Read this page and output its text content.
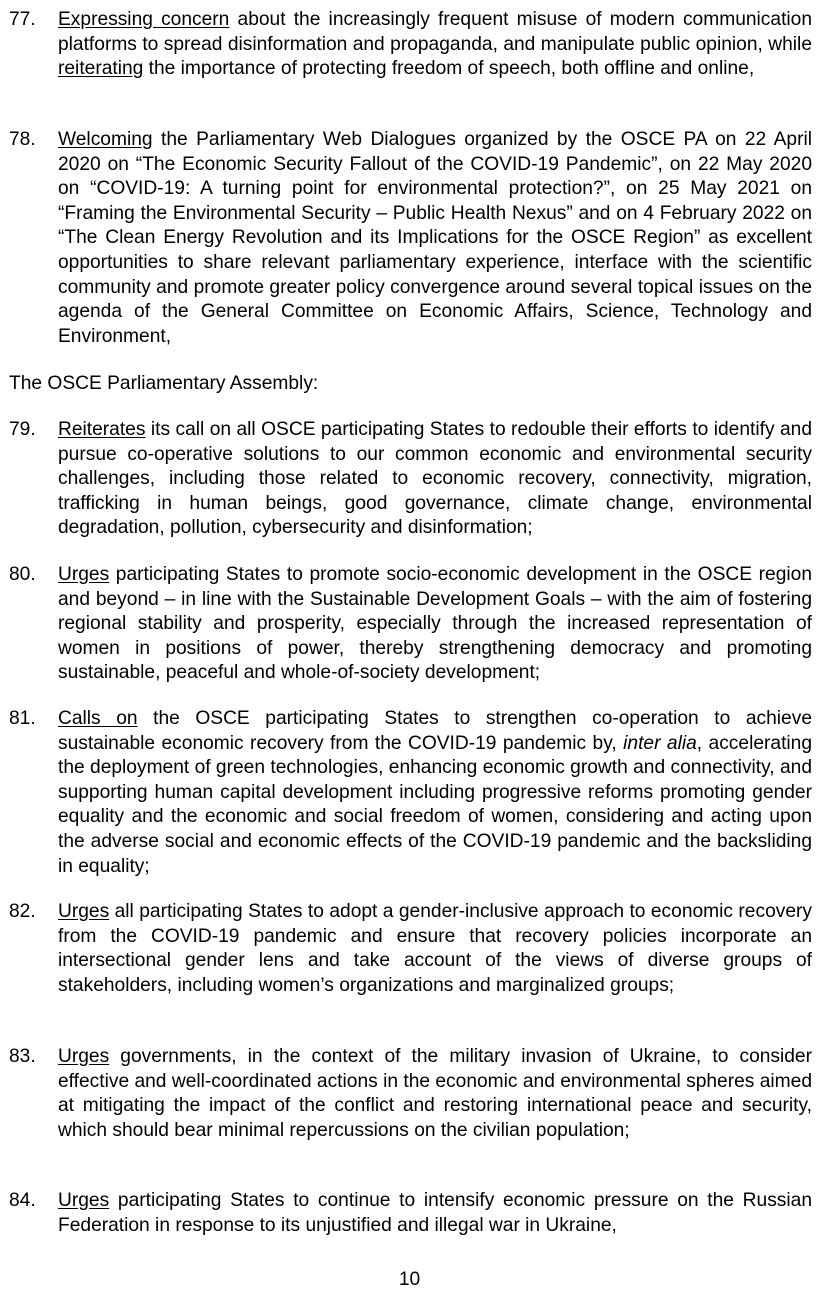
77.	Expressing concern about the increasingly frequent misuse of modern communication platforms to spread disinformation and propaganda, and manipulate public opinion, while reiterating the importance of protecting freedom of speech, both offline and online,
78.	Welcoming the Parliamentary Web Dialogues organized by the OSCE PA on 22 April 2020 on “The Economic Security Fallout of the COVID-19 Pandemic”, on 22 May 2020 on “COVID-19: A turning point for environmental protection?”, on 25 May 2021 on “Framing the Environmental Security – Public Health Nexus” and on 4 February 2022 on “The Clean Energy Revolution and its Implications for the OSCE Region” as excellent opportunities to share relevant parliamentary experience, interface with the scientific community and promote greater policy convergence around several topical issues on the agenda of the General Committee on Economic Affairs, Science, Technology and Environment,
The OSCE Parliamentary Assembly:
79.	Reiterates its call on all OSCE participating States to redouble their efforts to identify and pursue co-operative solutions to our common economic and environmental security challenges, including those related to economic recovery, connectivity, migration, trafficking in human beings, good governance, climate change, environmental degradation, pollution, cybersecurity and disinformation;
80.	Urges participating States to promote socio-economic development in the OSCE region and beyond – in line with the Sustainable Development Goals – with the aim of fostering regional stability and prosperity, especially through the increased representation of women in positions of power, thereby strengthening democracy and promoting sustainable, peaceful and whole-of-society development;
81.	Calls on the OSCE participating States to strengthen co-operation to achieve sustainable economic recovery from the COVID-19 pandemic by, inter alia, accelerating the deployment of green technologies, enhancing economic growth and connectivity, and supporting human capital development including progressive reforms promoting gender equality and the economic and social freedom of women, considering and acting upon the adverse social and economic effects of the COVID-19 pandemic and the backsliding in equality;
82.	Urges all participating States to adopt a gender-inclusive approach to economic recovery from the COVID-19 pandemic and ensure that recovery policies incorporate an intersectional gender lens and take account of the views of diverse groups of stakeholders, including women’s organizations and marginalized groups;
83.	Urges governments, in the context of the military invasion of Ukraine, to consider effective and well-coordinated actions in the economic and environmental spheres aimed at mitigating the impact of the conflict and restoring international peace and security, which should bear minimal repercussions on the civilian population;
84.	Urges participating States to continue to intensify economic pressure on the Russian Federation in response to its unjustified and illegal war in Ukraine,
10
